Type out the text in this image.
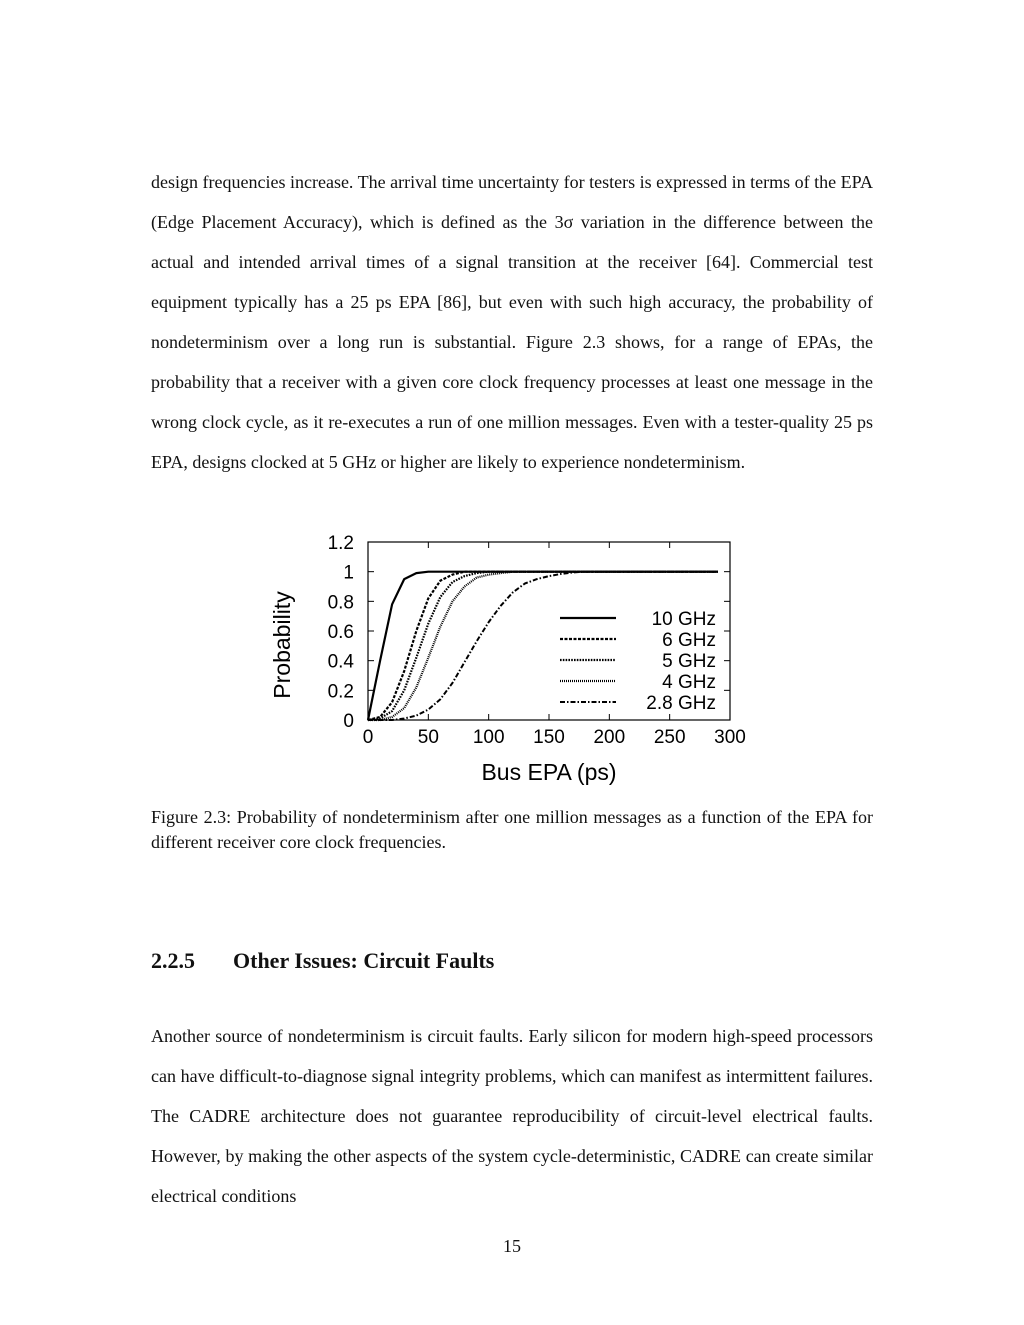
design frequencies increase. The arrival time uncertainty for testers is expressed in terms of the EPA (Edge Placement Accuracy), which is defined as the 3σ variation in the difference between the actual and intended arrival times of a signal transition at the receiver [64]. Commercial test equipment typically has a 25 ps EPA [86], but even with such high accuracy, the probability of nondeterminism over a long run is substantial. Figure 2.3 shows, for a range of EPAs, the probability that a receiver with a given core clock frequency processes at least one message in the wrong clock cycle, as it re-executes a run of one million messages. Even with a tester-quality 25 ps EPA, designs clocked at 5 GHz or higher are likely to experience nondeterminism.

0 50 100 150 200 250 300
0
0.2
0.4
0.6
0.8
1
1.2
Bus EPA (ps)
Probability	10 GHz
6 GHz
5 GHz
4 GHz
2.8 GHz
Figure 2.3: Probability of nondeterminism after one million messages as a function of the EPA for different receiver core clock frequencies.
2.2.5 Other Issues: Circuit Faults

Another source of nondeterminism is circuit faults. Early silicon for modern high-speed processors can have difficult-to-diagnose signal integrity problems, which can manifest as intermittent failures. The CADRE architecture does not guarantee reproducibility of circuit-level electrical faults. However, by making the other aspects of the system cycle-deterministic, CADRE can create similar electrical conditions

15
